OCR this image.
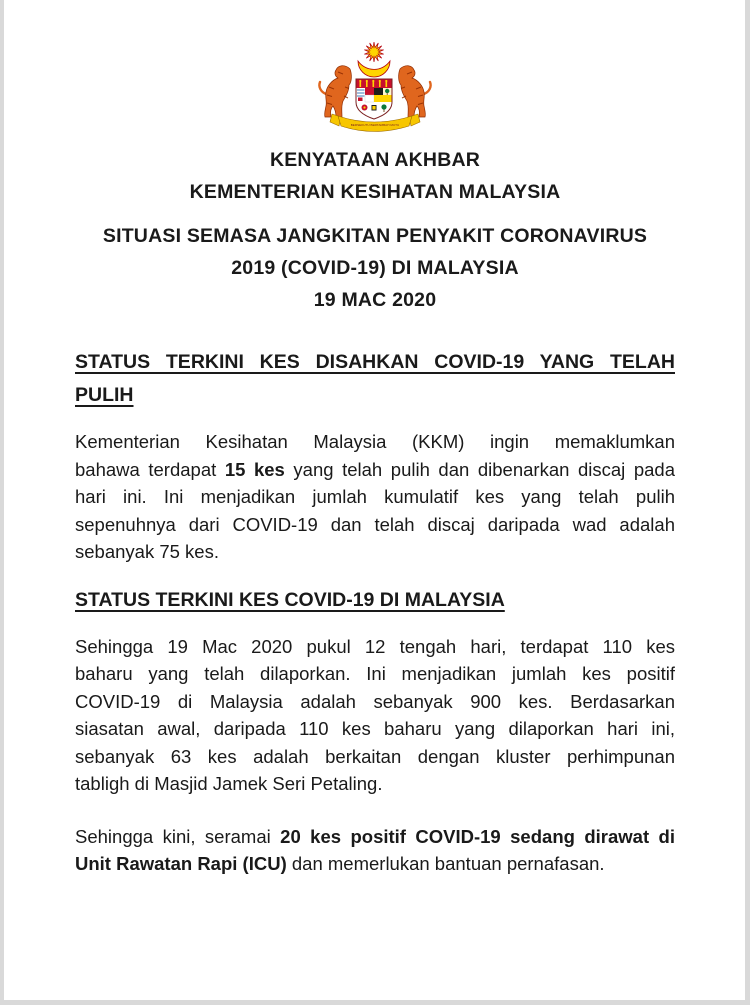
BERSEKUTU BERTAMBAH MUTU
KENYATAAN AKHBAR
KEMENTERIAN KESIHATAN MALAYSIA
SITUASI SEMASA JANGKITAN PENYAKIT CORONAVIRUS
2019 (COVID-19) DI MALAYSIA
19 MAC 2020
STATUS TERKINI KES DISAHKAN COVID-19 YANG TELAH
PULIH
Kementerian Kesihatan Malaysia (KKM) ingin memaklumkan
bahawa terdapat 15 kes yang telah pulih dan dibenarkan discaj pada
hari ini. Ini menjadikan jumlah kumulatif kes yang telah pulih
sepenuhnya dari COVID-19 dan telah discaj daripada wad adalah
sebanyak 75 kes.
STATUS TERKINI KES COVID-19 DI MALAYSIA
Sehingga 19 Mac 2020 pukul 12 tengah hari, terdapat 110 kes
baharu yang telah dilaporkan. Ini menjadikan jumlah kes positif
COVID-19 di Malaysia adalah sebanyak 900 kes. Berdasarkan
siasatan awal, daripada 110 kes baharu yang dilaporkan hari ini,
sebanyak 63 kes adalah berkaitan dengan kluster perhimpunan
tabligh di Masjid Jamek Seri Petaling.
Sehingga kini, seramai 20 kes positif COVID-19 sedang dirawat di
Unit Rawatan Rapi (ICU) dan memerlukan bantuan pernafasan.
